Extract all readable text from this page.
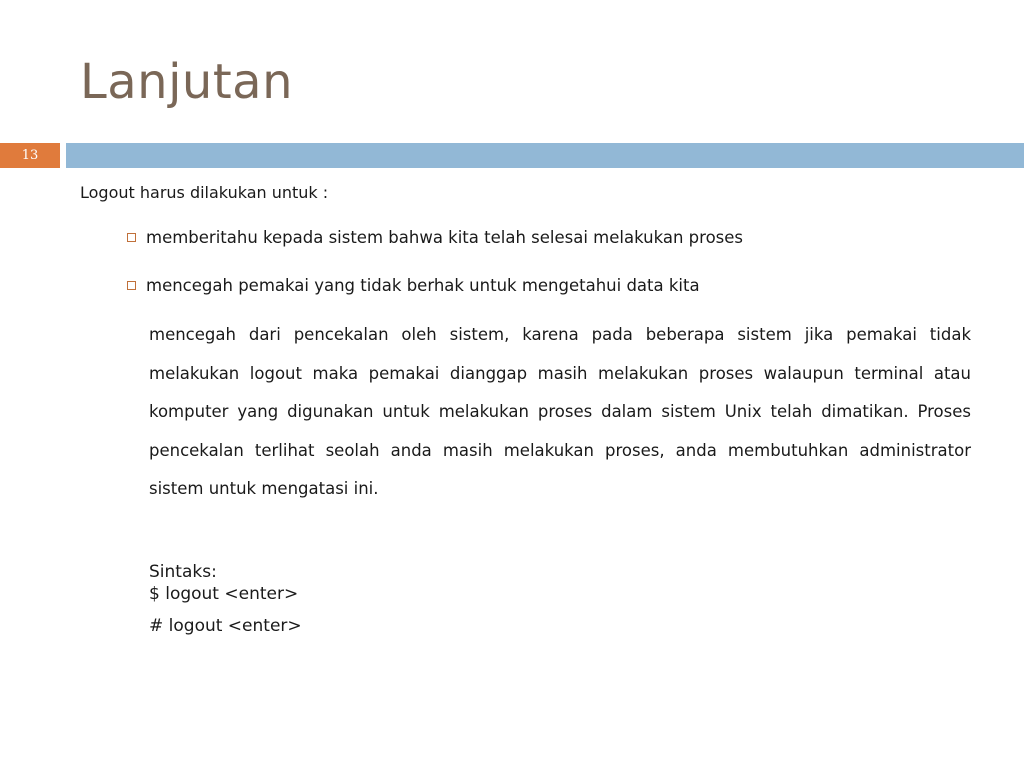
Lanjutan
13
Logout harus dilakukan untuk :
memberitahu kepada sistem bahwa kita telah selesai melakukan proses
mencegah pemakai yang tidak berhak untuk mengetahui data kita
mencegah dari pencekalan oleh sistem, karena pada beberapa sistem jika pemakai tidak melakukan logout maka pemakai dianggap masih melakukan proses walaupun terminal atau komputer yang digunakan untuk melakukan proses dalam sistem Unix telah dimatikan. Proses pencekalan terlihat seolah anda masih melakukan proses, anda membutuhkan administrator sistem untuk mengatasi ini.
Sintaks:
$ logout <enter>
# logout <enter>
